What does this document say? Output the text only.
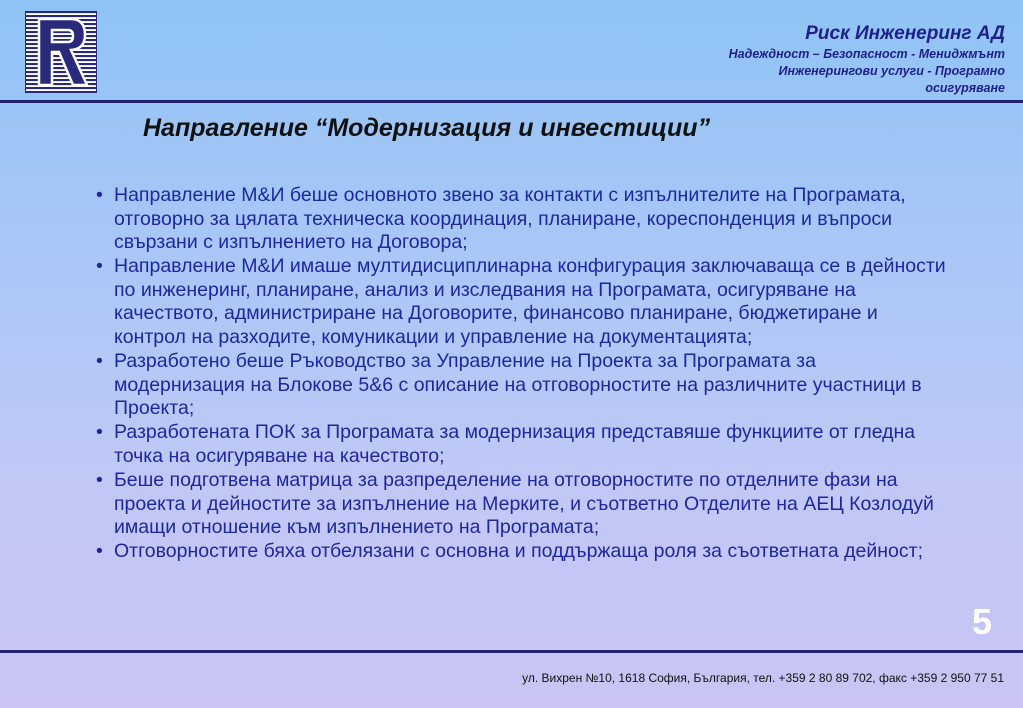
Риск Инженеринг АД
Надеждност – Безопасност - Мениджмънт
Инженерингови услуги - Програмно
осигуряване
Направление “Модернизация и инвестиции”
• Направление М&И беше основното звено за контакти с изпълнителите на Програмата, отговорно за цялата техническа координация, планиране, кореспонденция и въпроси свързани с изпълнението на Договора;
• Направление М&И имаше мултидисциплинарна конфигурация заключаваща се в дейности по инженеринг, планиране, анализ и изследвания на Програмата, осигуряване на качеството, администриране на Договорите, финансово планиране, бюджетиране и контрол на разходите, комуникации и управление на документацията;
• Разработено беше Ръководство за Управление на Проекта за Програмата за модернизация на Блокове 5&6 с описание на отговорностите на различните участници в Проекта;
• Разработената ПОК за Програмата за модернизация представяше функциите от гледна точка на осигуряване на качеството;
• Беше подготвена матрица за разпределение на отговорностите по отделните фази на проекта и дейностите за изпълнение на Мерките, и съответно Отделите на АЕЦ Козлодуй имащи отношение към изпълнението на Програмата;
• Отговорностите бяха отбелязани с основна и поддържаща роля за съответната дейност;
5
ул. Вихрен №10, 1618 София, България, тел. +359 2 80 89 702, факс +359 2 950 77 51
